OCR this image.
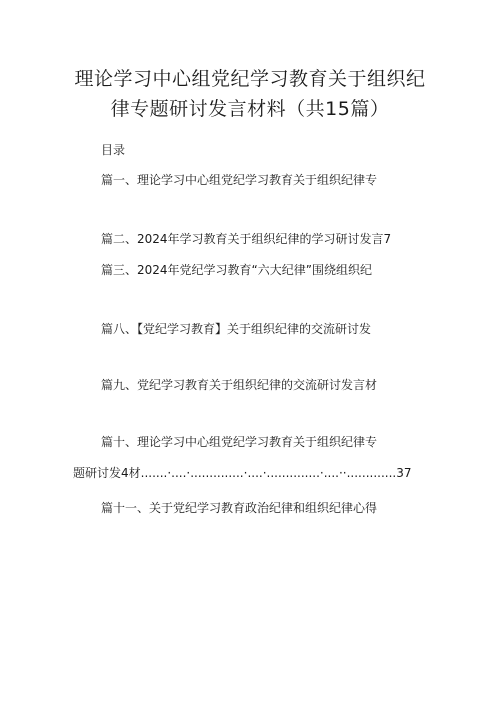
理论学习中心组党纪学习教育关于组织纪
律专题研讨发言材料（共15篇）
目录
篇一、理论学习中心组党纪学习教育关于组织纪律专
篇二、2024年学习教育关于组织纪律的学习研讨发言7
篇三、2024年党纪学习教育“六大纪律”围绕组织纪
篇八、【党纪学习教育】关于组织纪律的交流研讨发
篇九、党纪学习教育关于组织纪律的交流研讨发言材
篇十、理论学习中心组党纪学习教育关于组织纪律专
题研讨发4材.......·....·..............·....·..............·....··.............37
篇十一、关于党纪学习教育政治纪律和组织纪律心得
